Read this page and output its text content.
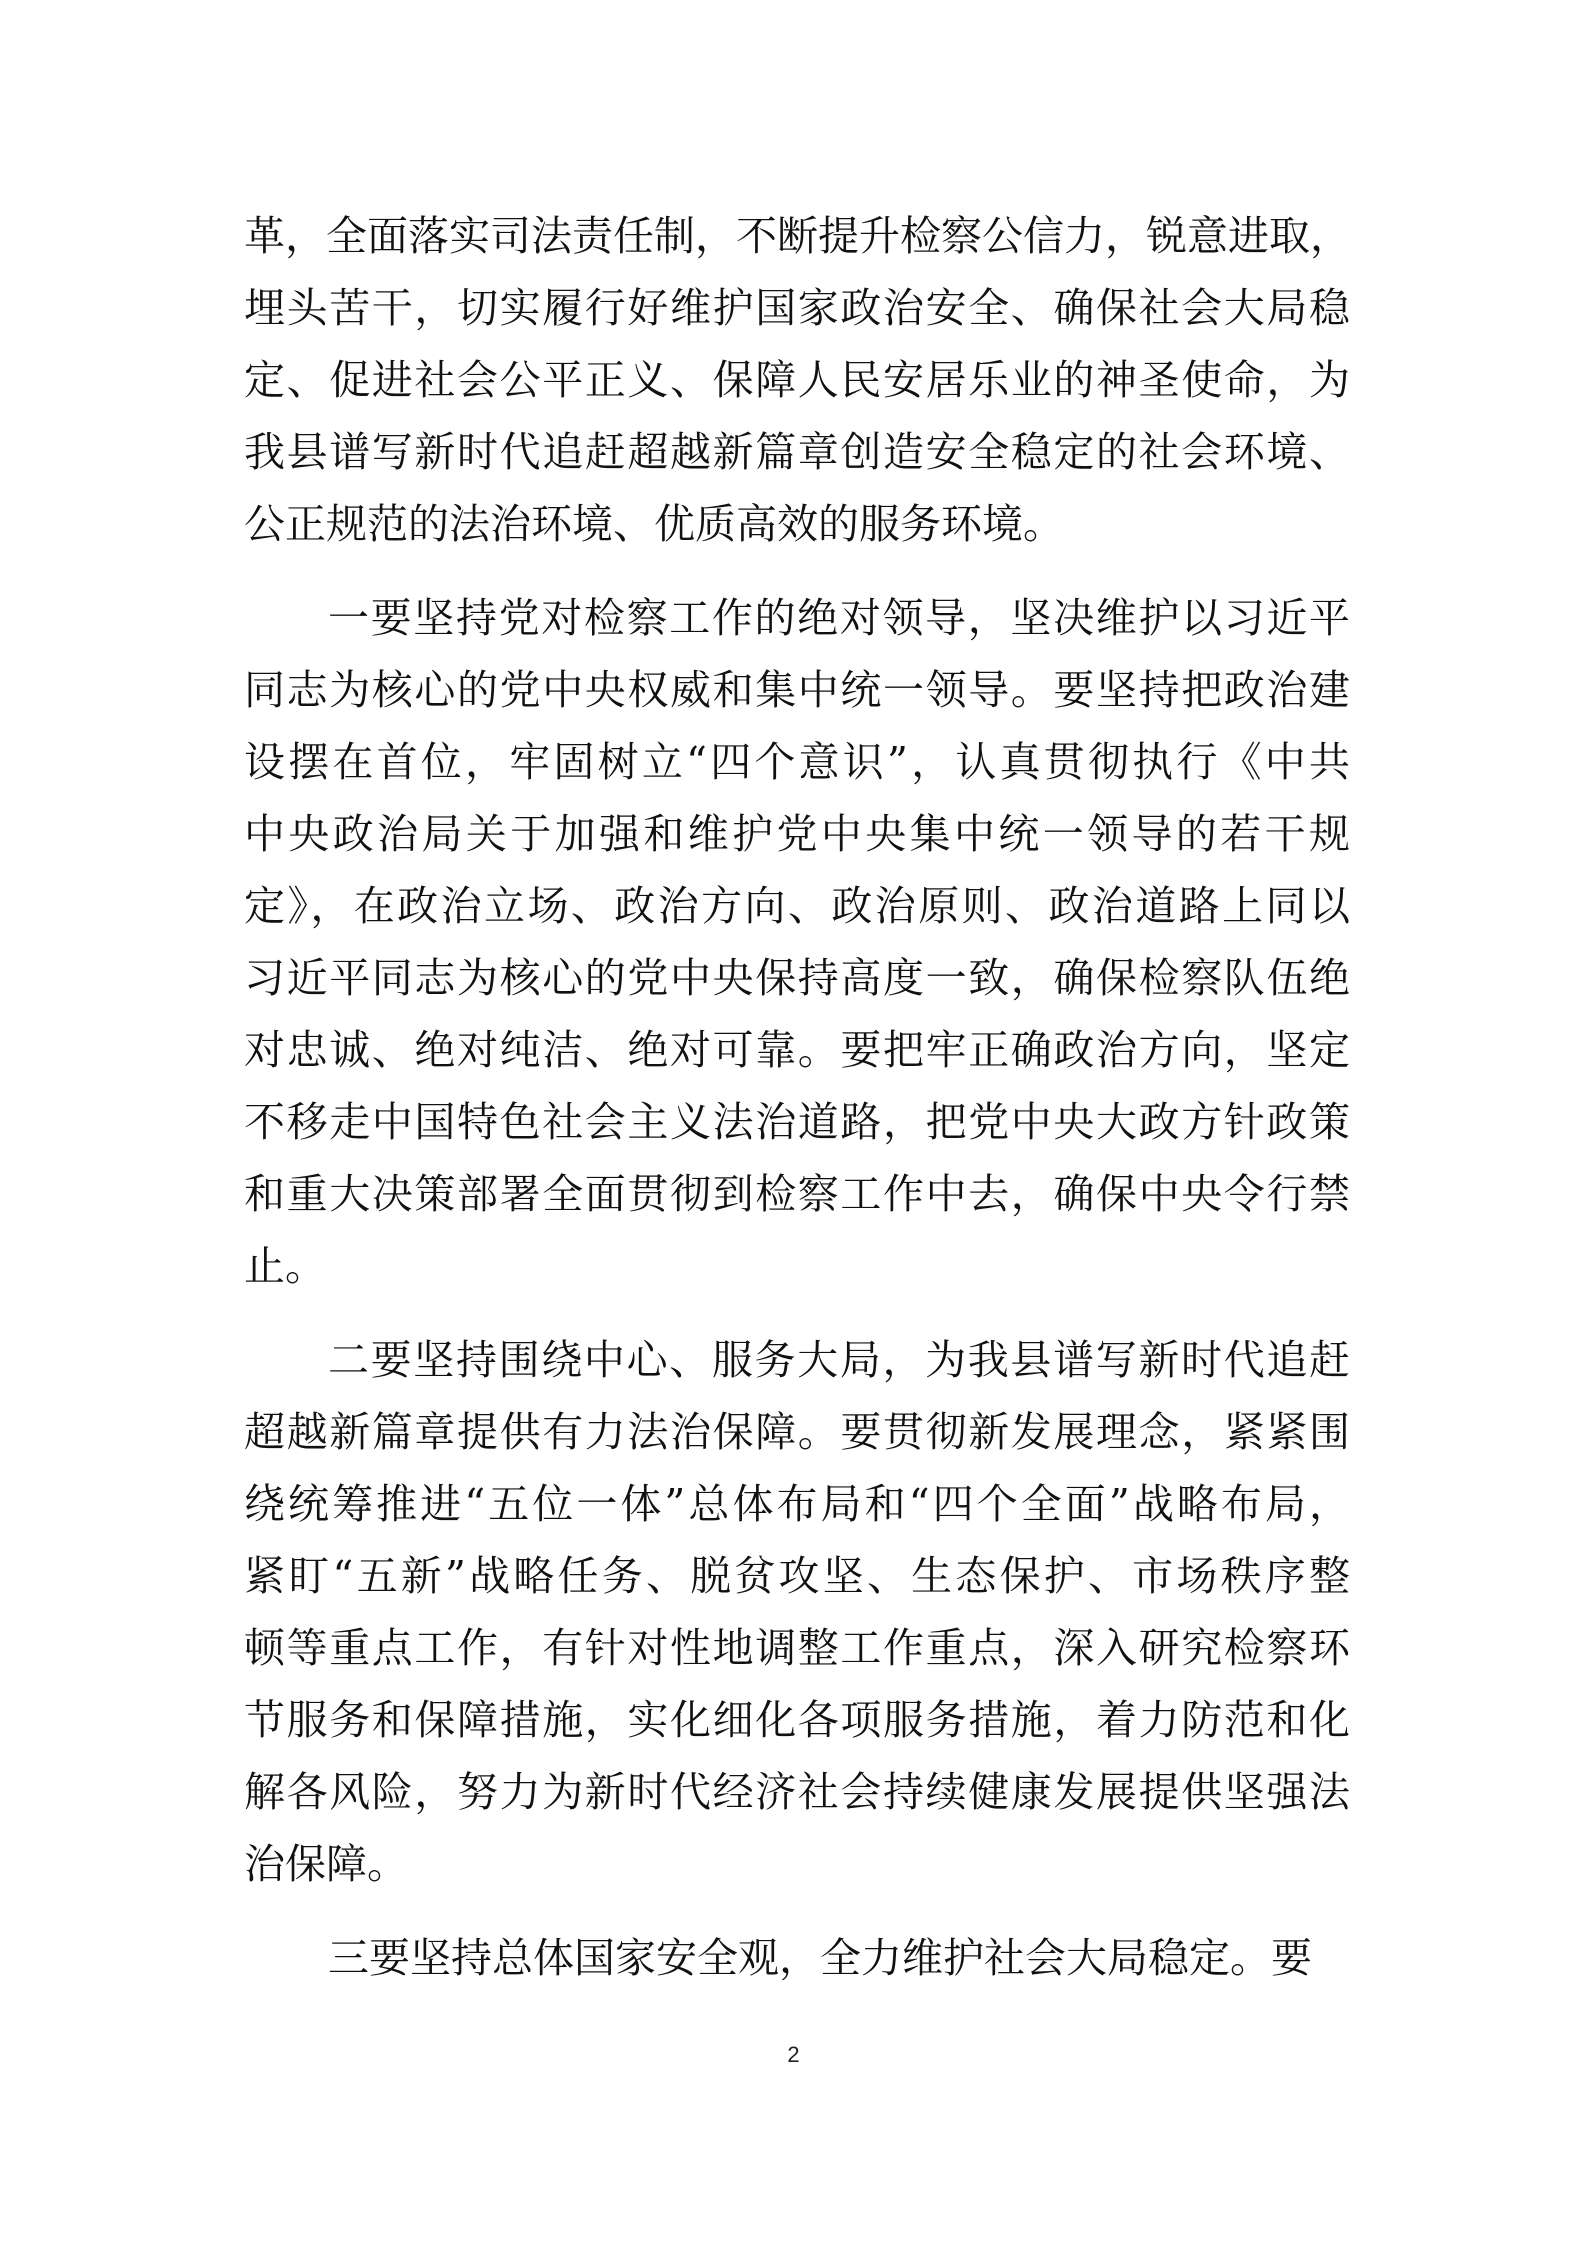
革，全面落实司法责任制，不断提升检察公信力，锐意进取，
埋头苦干，切实履行好维护国家政治安全、确保社会大局稳
定、促进社会公平正义、保障人民安居乐业的神圣使命，为
我县谱写新时代追赶超越新篇章创造安全稳定的社会环境、
公正规范的法治环境、优质高效的服务环境。
一要坚持党对检察工作的绝对领导，坚决维护以习近平
同志为核心的党中央权威和集中统一领导。要坚持把政治建
设摆在首位，牢固树立“四个意识”，认真贯彻执行《中共
中央政治局关于加强和维护党中央集中统一领导的若干规
定》，在政治立场、政治方向、政治原则、政治道路上同以
习近平同志为核心的党中央保持高度一致，确保检察队伍绝
对忠诚、绝对纯洁、绝对可靠。要把牢正确政治方向，坚定
不移走中国特色社会主义法治道路，把党中央大政方针政策
和重大决策部署全面贯彻到检察工作中去，确保中央令行禁
止。
二要坚持围绕中心、服务大局，为我县谱写新时代追赶
超越新篇章提供有力法治保障。要贯彻新发展理念，紧紧围
绕统筹推进“五位一体”总体布局和“四个全面”战略布局，
紧盯“五新”战略任务、脱贫攻坚、生态保护、市场秩序整
顿等重点工作，有针对性地调整工作重点，深入研究检察环
节服务和保障措施，实化细化各项服务措施，着力防范和化
解各风险，努力为新时代经济社会持续健康发展提供坚强法
治保障。
三要坚持总体国家安全观，全力维护社会大局稳定。要
2
